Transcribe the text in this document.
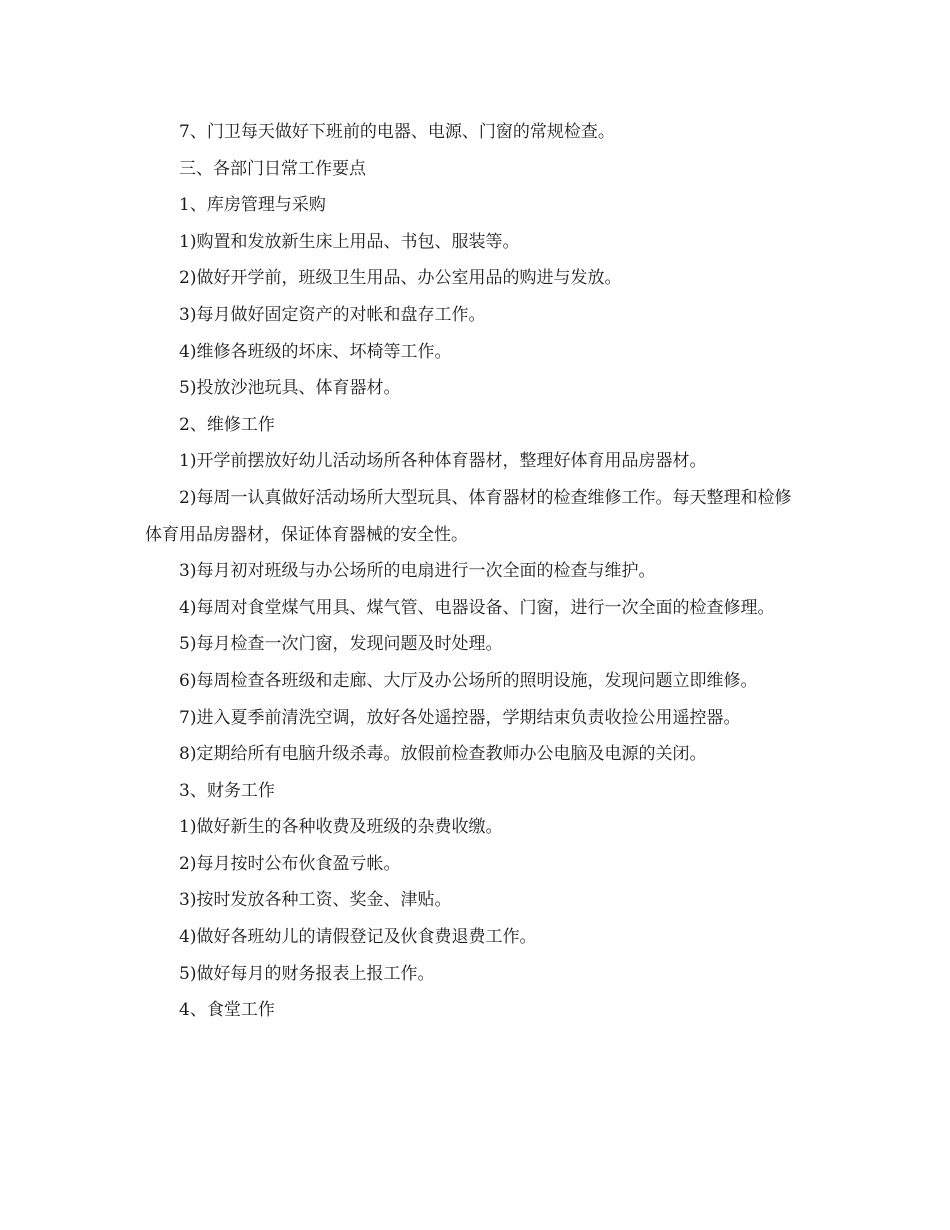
7、门卫每天做好下班前的电器、电源、门窗的常规检查。

三、各部门日常工作要点

1、库房管理与采购

1)购置和发放新生床上用品、书包、服装等。

2)做好开学前，班级卫生用品、办公室用品的购进与发放。

3)每月做好固定资产的对帐和盘存工作。

4)维修各班级的坏床、坏椅等工作。

5)投放沙池玩具、体育器材。

2、维修工作

1)开学前摆放好幼儿活动场所各种体育器材，整理好体育用品房器材。

2)每周一认真做好活动场所大型玩具、体育器材的检查维修工作。每天整理和检修体育用品房器材，保证体育器械的安全性。

3)每月初对班级与办公场所的电扇进行一次全面的检查与维护。

4)每周对食堂煤气用具、煤气管、电器设备、门窗，进行一次全面的检查修理。

5)每月检查一次门窗，发现问题及时处理。

6)每周检查各班级和走廊、大厅及办公场所的照明设施，发现问题立即维修。

7)进入夏季前清洗空调，放好各处遥控器，学期结束负责收捡公用遥控器。

8)定期给所有电脑升级杀毒。放假前检查教师办公电脑及电源的关闭。

3、财务工作

1)做好新生的各种收费及班级的杂费收缴。

2)每月按时公布伙食盈亏帐。

3)按时发放各种工资、奖金、津贴。

4)做好各班幼儿的请假登记及伙食费退费工作。

5)做好每月的财务报表上报工作。

4、食堂工作
